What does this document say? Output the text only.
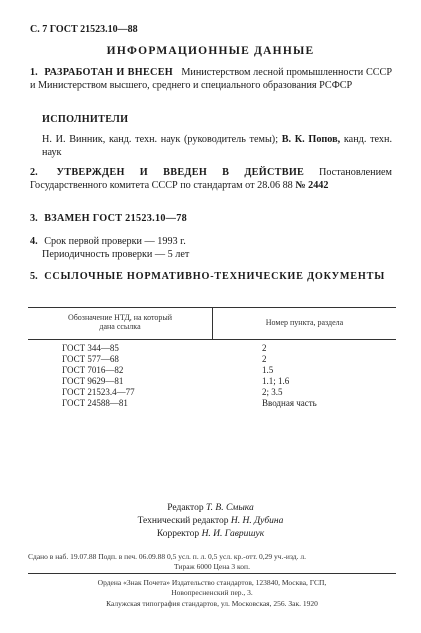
С. 7 ГОСТ 21523.10—88
ИНФОРМАЦИОННЫЕ ДАННЫЕ
1. РАЗРАБОТАН И ВНЕСЕН Министерством лесной промышленности СССР и Министерством высшего, среднего и специального образования РСФСР
ИСПОЛНИТЕЛИ
Н. И. Винник, канд. техн. наук (руководитель темы); В. К. Попов, канд. техн. наук
2. УТВЕРЖДЕН И ВВЕДЕН В ДЕЙСТВИЕ Постановлением Государственного комитета СССР по стандартам от 28.06 88 № 2442
3. ВЗАМЕН ГОСТ 21523.10—78
4. Срок первой проверки — 1993 г.
Периодичность проверки — 5 лет
5. ССЫЛОЧНЫЕ НОРМАТИВНО-ТЕХНИЧЕСКИЕ ДОКУМЕНТЫ
Обозначение НТД, на который
дана ссылка	Номер пункта, раздела
ГОСТ 344—85	2
ГОСТ 577—68	2
ГОСТ 7016—82	1.5
ГОСТ 9629—81	1.1; 1.6
ГОСТ 21523.4—77	2; 3.5
ГОСТ 24588—81	Вводная часть
Редактор Т. В. Смыка
Технический редактор Н. Н. Дубина
Корректор Н. И. Гавришук
Сдано в наб. 19.07.88 Подп. в печ. 06.09.88 0,5 усл. п. л. 0,5 усл. кр.-отт. 0,29 уч.-изд. л.
Тираж 6000 Цена 3 коп.
Ордена «Знак Почета» Издательство стандартов, 123840, Москва, ГСП,
Новопресненский пер., 3.
Калужская типография стандартов, ул. Московская, 256. Зак. 1920
